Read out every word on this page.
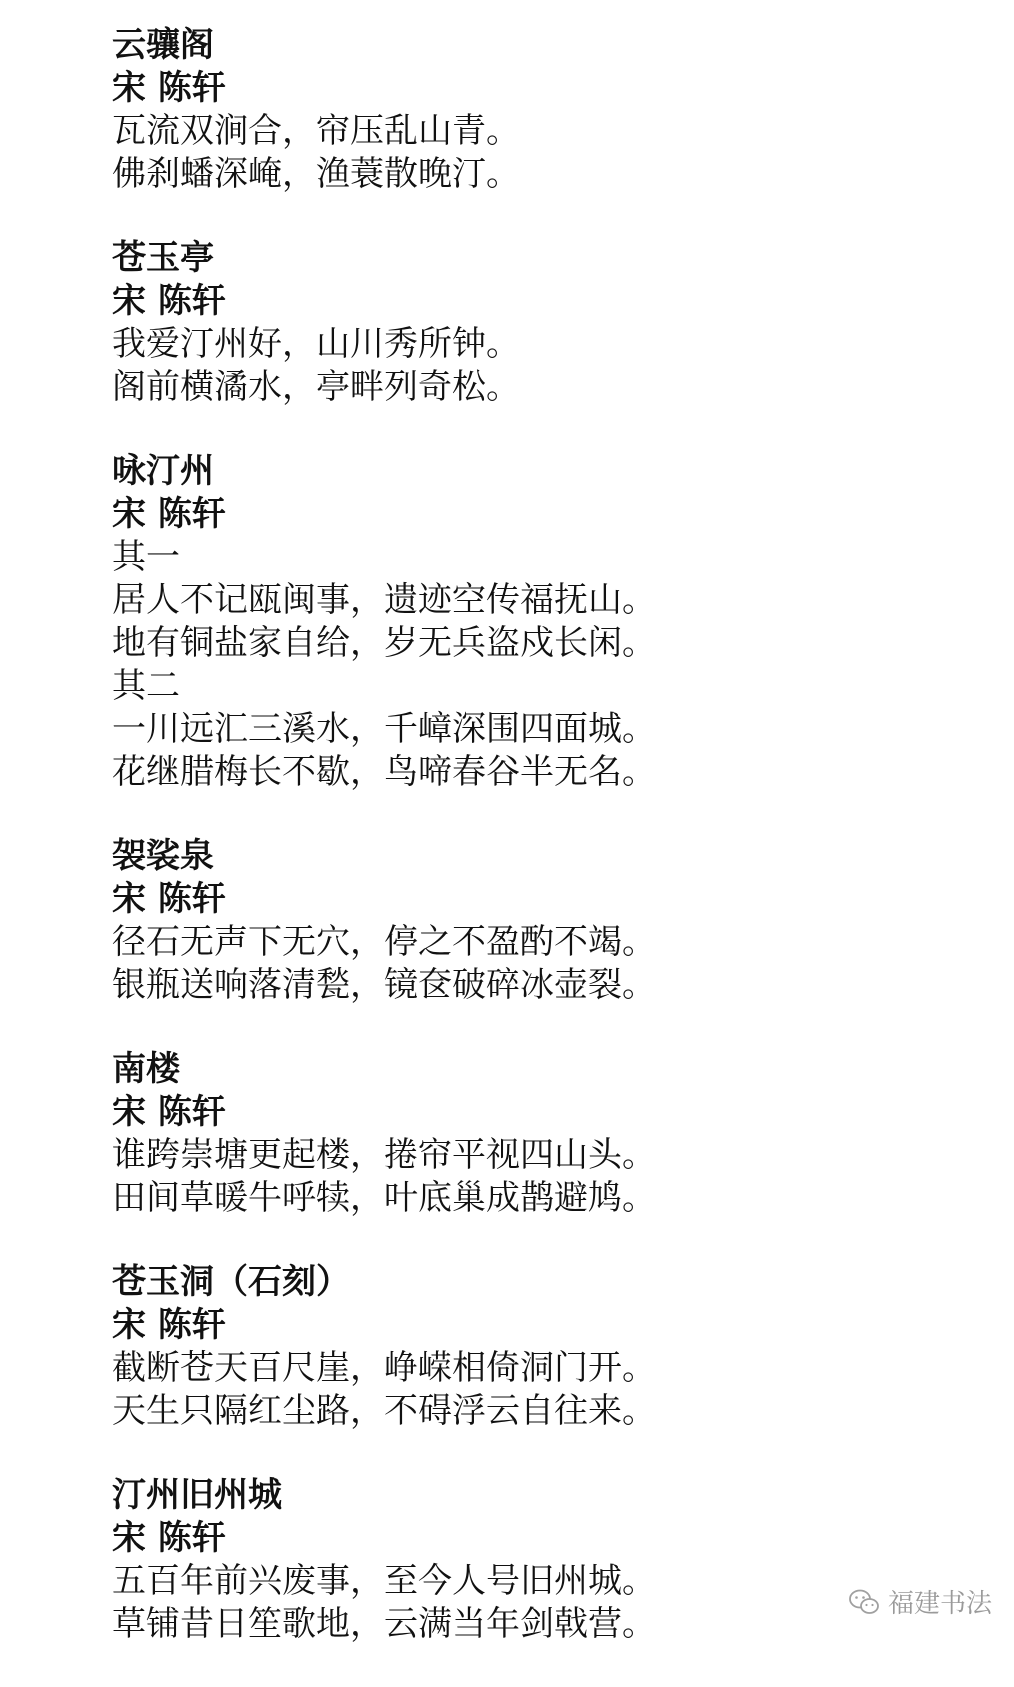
云骧阁
宋 陈轩
瓦流双涧合，帘压乱山青。
佛刹蟠深崦，渔蓑散晚汀。
苍玉亭
宋 陈轩
我爱汀州好，山川秀所钟。
阁前横潏水，亭畔列奇松。
咏汀州
宋 陈轩
其一
居人不记瓯闽事，遗迹空传福抚山。
地有铜盐家自给，岁无兵盗戍长闲。
其二
一川远汇三溪水，千嶂深围四面城。
花继腊梅长不歇，鸟啼春谷半无名。
袈裟泉
宋 陈轩
径石无声下无穴，停之不盈酌不竭。
银瓶送响落清甃，镜奁破碎冰壶裂。
南楼
宋 陈轩
谁跨崇塘更起楼，捲帘平视四山头。
田间草暖牛呼犊，叶底巢成鹊避鸠。
苍玉洞（石刻）
宋 陈轩
截断苍天百尺崖，峥嵘相倚洞门开。
天生只隔红尘路，不碍浮云自往来。
汀州旧州城
宋 陈轩
五百年前兴废事，至今人号旧州城。
草铺昔日笙歌地，云满当年剑戟营。	福建书法
